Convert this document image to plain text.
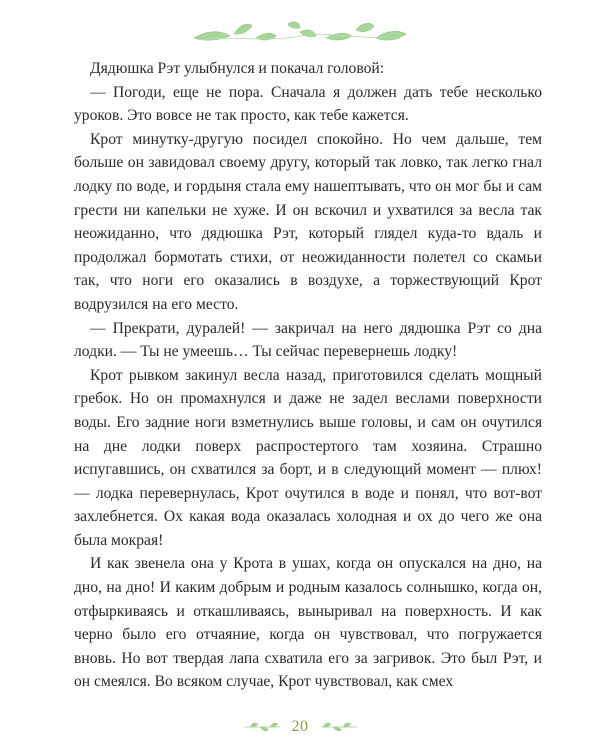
Дядюшка Рэт улыбнулся и покачал головой:

— Погоди, еще не пора. Сначала я должен дать тебе несколько уроков. Это вовсе не так просто, как тебе кажется.

Крот минутку-другую посидел спокойно. Но чем дальше, тем больше он завидовал своему другу, который так ловко, так легко гнал лодку по воде, и гордыня стала ему нашептывать, что он мог бы и сам грести ни капельки не хуже. И он вскочил и ухватился за весла так неожиданно, что дядюшка Рэт, который глядел куда-то вдаль и продолжал бормотать стихи, от неожиданности полетел со скамьи так, что ноги его оказались в воздухе, а торжествующий Крот водрузился на его место.

— Прекрати, дуралей! — закричал на него дядюшка Рэт со дна лодки. — Ты не умеешь… Ты сейчас перевернешь лодку!

Крот рывком закинул весла назад, приготовился сделать мощный гребок. Но он промахнулся и даже не задел веслами поверхности воды. Его задние ноги взметнулись выше головы, и сам он очутился на дне лодки поверх распростертого там хозяина. Страшно испугавшись, он схватился за борт, и в следующий момент — плюх! — лодка перевернулась, Крот очутился в воде и понял, что вот-вот захлебнется. Ох какая вода оказалась холодная и ох до чего же она была мокрая!

И как звенела она у Крота в ушах, когда он опускался на дно, на дно, на дно! И каким добрым и родным казалось солнышко, когда он, отфыркиваясь и откашливаясь, выныривал на поверхность. И как черно было его отчаяние, когда он чувствовал, что погружается вновь. Но вот твердая лапа схватила его за загривок. Это был Рэт, и он смеялся. Во всяком случае, Крот чувствовал, как смех

20
